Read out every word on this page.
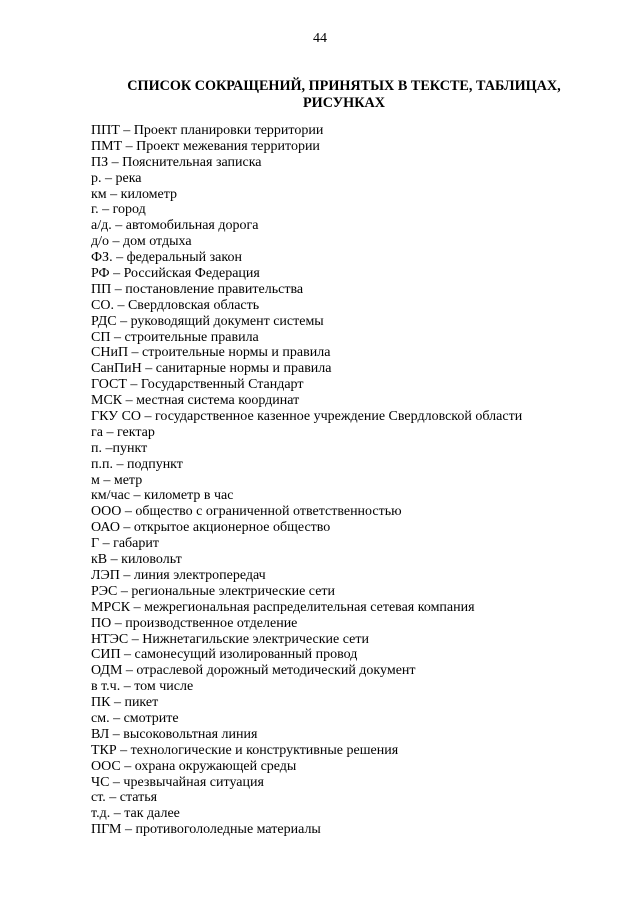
44
СПИСОК СОКРАЩЕНИЙ, ПРИНЯТЫХ В ТЕКСТЕ, ТАБЛИЦАХ, РИСУНКАХ
ППТ – Проект планировки территории
ПМТ – Проект межевания территории
ПЗ – Пояснительная записка
р. – река
км – километр
г. – город
а/д. – автомобильная дорога
д/о – дом отдыха
ФЗ. – федеральный закон
РФ – Российская Федерация
ПП – постановление правительства
СО. – Свердловская область
РДС – руководящий документ системы
СП – строительные правила
СНиП – строительные нормы и правила
СанПиН – санитарные нормы и правила
ГОСТ – Государственный Стандарт
МСК – местная система координат
ГКУ СО – государственное казенное учреждение Свердловской области
га – гектар
п. –пункт
п.п. – подпункт
м – метр
км/час – километр в час
ООО – общество с ограниченной ответственностью
ОАО – открытое акционерное общество
Г – габарит
кВ – киловольт
ЛЭП – линия электропередач
РЭС – региональные электрические сети
МРСК – межрегиональная распределительная сетевая компания
ПО – производственное отделение
НТЭС – Нижнетагильские электрические сети
СИП – самонесущий изолированный провод
ОДМ – отраслевой дорожный методический документ
в т.ч. – том числе
ПК – пикет
см. – смотрите
ВЛ – высоковольтная линия
ТКР – технологические и конструктивные решения
ООС – охрана окружающей среды
ЧС – чрезвычайная ситуация
ст. – статья
т.д. – так далее
ПГМ – противогололедные материалы
